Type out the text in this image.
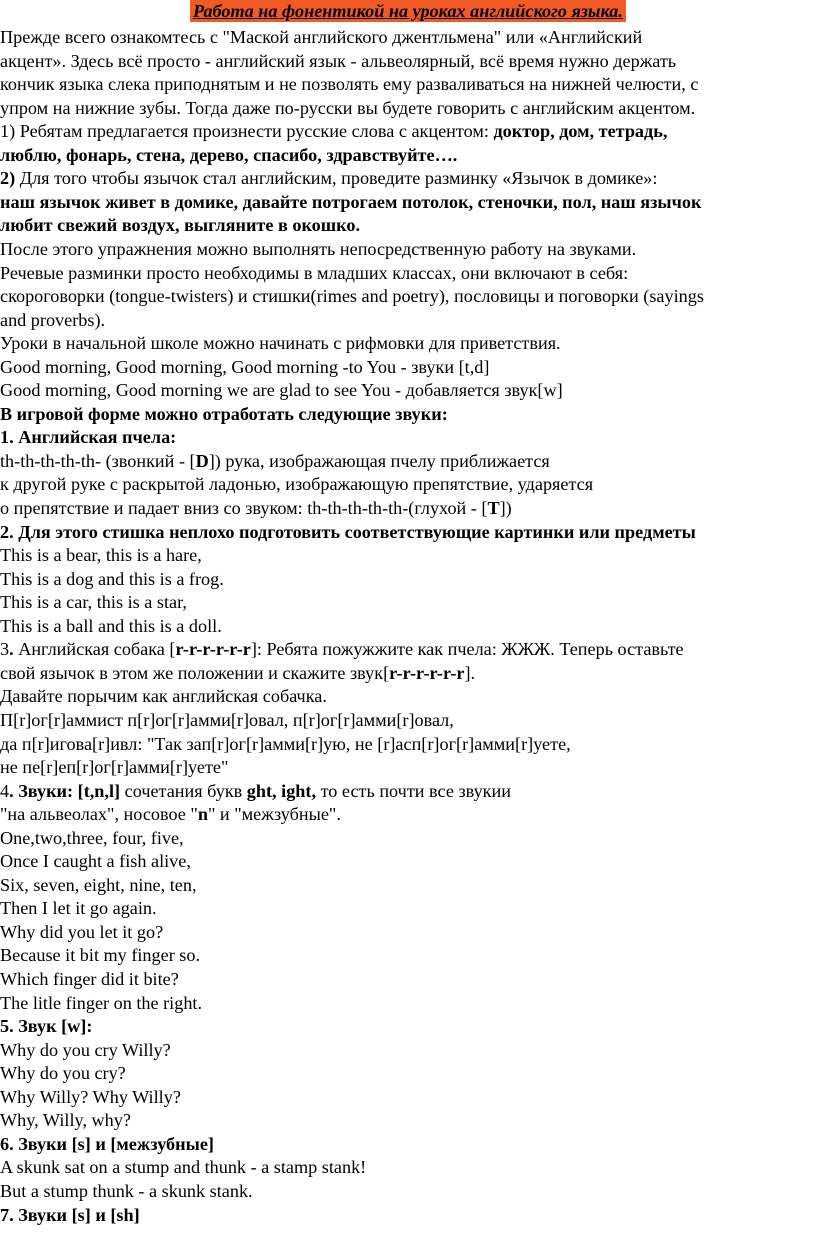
Работа на фонентикой на уроках английского языка.
Прежде всего ознакомтесь с "Маской английского джентльмена" или «Английский
акцент». Здесь всё просто - английский язык - альвеолярный, всё время нужно держать
кончик языка слека приподнятым и не позволять ему разваливаться на нижней челюсти, с
упром на нижние зубы. Тогда даже по-русски вы будете говорить с английским акцентом.
1) Ребятам предлагается произнести русские слова с акцентом: доктор, дом, тетрадь,
люблю, фонарь, стена, дерево, спасибо, здравствуйте….
2) Для того чтобы язычок стал английским, проведите разминку «Язычок в домике»:
наш язычок живет в домике, давайте потрогаем потолок, стеночки, пол, наш язычок
любит свежий воздух, выгляните в окошко.
После этого упражнения можно выполнять непосредственную работу на звуками.
Речевые разминки просто необходимы в младших классах, они включают в себя:
скороговорки (tongue-twisters) и стишки(rimes and poetry), пословицы и поговорки (sayings
and proverbs).
Уроки в начальной школе можно начинать с рифмовки для приветствия.
Good morning, Good morning, Good morning -to You - звуки [t,d]
Good morning, Good morning we are glad to see You - добавляется звук[w]
В игровой форме можно отработать следующие звуки:
1. Английская пчела:
th-th-th-th-th- (звонкий - [D]) рука, изображающая пчелу приближается
к другой руке с раскрытой ладонью, изображающую препятствие, ударяется
о препятствие и падает вниз со звуком: th-th-th-th-th-(глухой - [T])
2. Для этого стишка неплохо подготовить соответствующие картинки или предметы
This is a bear, this is a hare,
This is a dog and this is a frog.
This is a car, this is a star,
This is a ball and this is a doll.
3. Английская собака [r-r-r-r-r-r]: Ребята пожужжите как пчела: ЖЖЖ. Теперь оставьте
свой язычок в этом же положении и скажите звук[r-r-r-r-r-r].
Давайте порычим как английская собачка.
П[r]ог[r]аммист п[r]ог[r]амми[r]овал, п[r]ог[r]амми[r]овал,
да п[r]игова[r]ивл: "Так зап[r]ог[r]амми[r]ую, не [r]асп[r]ог[r]амми[r]уете,
не пе[r]еп[r]ог[r]амми[r]уете"
4. Звуки: [t,n,l] сочетания букв ght, ight, то есть почти все звукии
"на альвеолах", носовое "n" и "межзубные".
One,two,three, four, five,
Once I caught a fish alive,
Six, seven, eight, nine, ten,
Then I let it go again.
Why did you let it go?
Because it bit my finger so.
Which finger did it bite?
The litle finger on the right.
5. Звук [w]:
Why do you cry Willy?
Why do you cry?
Why Willy? Why Willy?
Why, Willy, why?
6. Звуки [s] и [межзубные]
A skunk sat on a stump and thunk - a stamp stank!
But a stump thunk - a skunk stank.
7. Звуки [s] и [sh]
